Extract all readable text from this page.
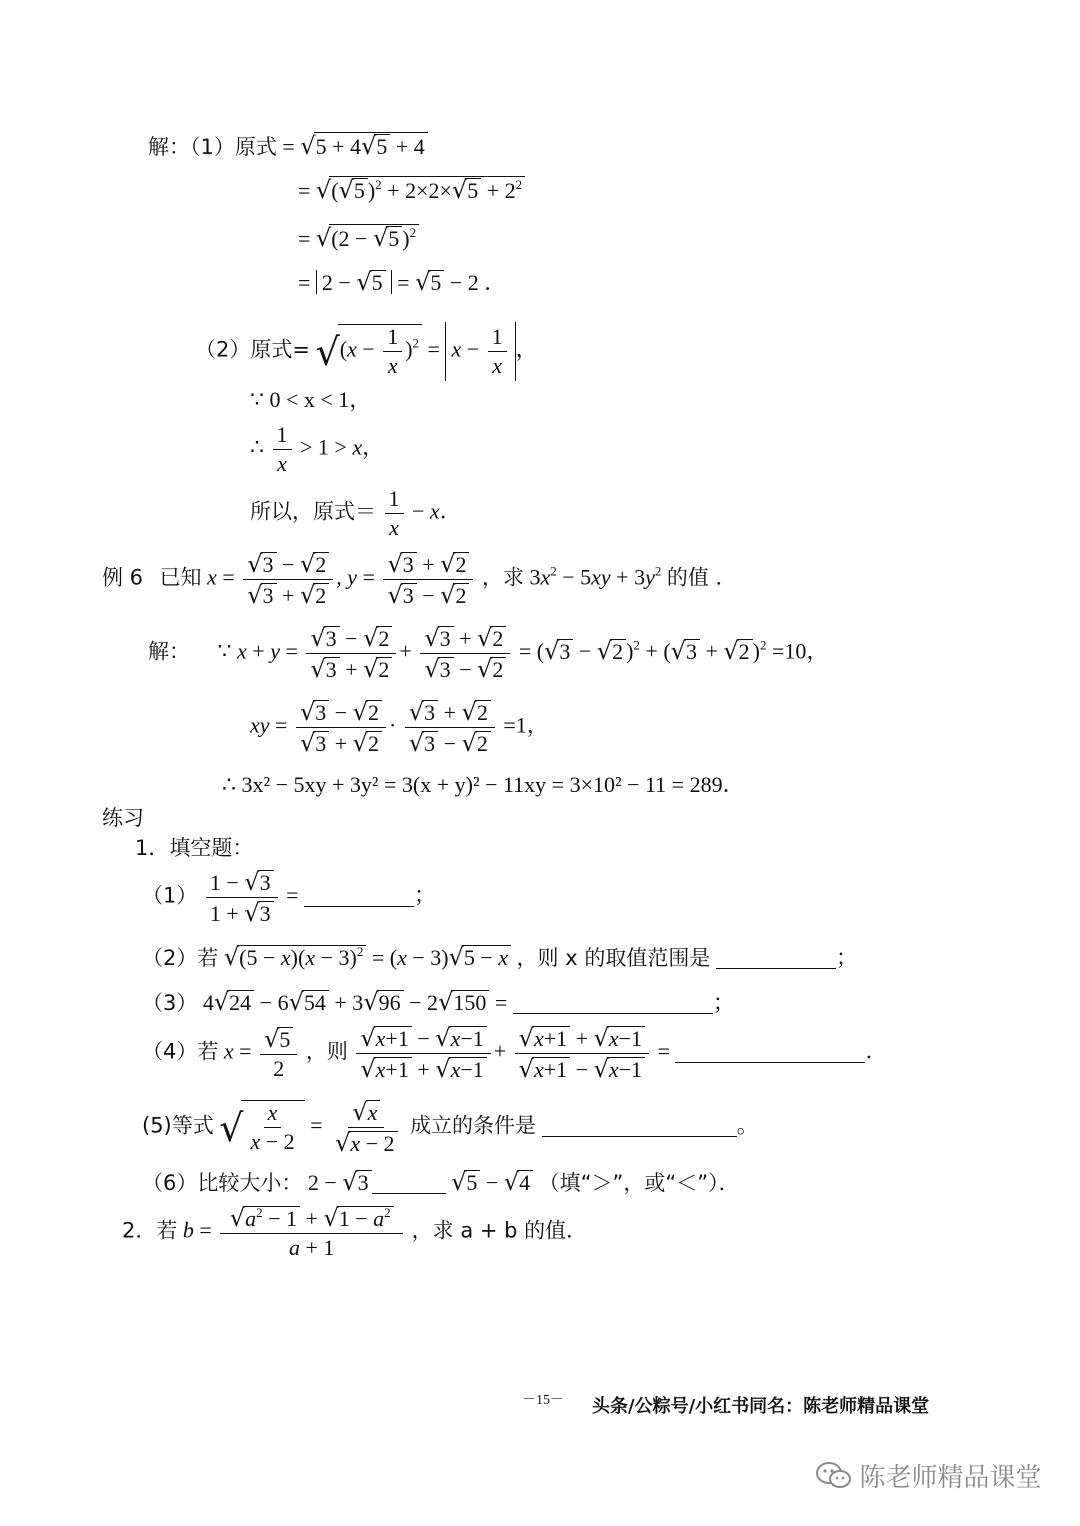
解：（1）原式 = √5 + 4√5 + 4
= √(√5 )$^2 + 2\times 2\times√5 + 2^2$
= √(2 − √5 )$^2$
= 2 − √5 = √5 − 2 ．
（2）原式= $√(x - \frac{1}{x} )^2 = x - \frac{1}{x}$ ，
∵ 0 < x < 1，
∴ $\frac{1}{x} > 1 > x$，
所以，原式＝ $\frac{1}{x} - x$．
例 6 已知 $x = \frac{√3 - √2}{√3 + √2}$ , $y = \frac{√3 + √2}{√3 - √2}$ ，求 $3x^2 - 5xy + 3y^2$ 的值 ．
解： ∵ $x + y = \frac{√3 - √2}{√3 + √2} + \frac{√3 + √2}{√3 - √2} = (√3 - √2$ )$^2$ + (√3 + √2 )$^2$ =10，
xy = $\frac{√3 - √2}{√3 + √2} \cdot \frac{√3 + √2}{√3 - √2} =1$，
∴ 3x² − 5xy + 3y² = 3(x + y)² − 11xy = 3×10² − 11 = 289．
练习
1．填空题：
$(1) \frac{1 - √3}{1 + √3}$ =	；
（2）若 $√(5 - x)(x - 3)^2 = (x - 3)√5 - x$ ，则 x 的取值范围是	；
（3） 4√24 − 6√54 + 3√96 − 2√150 =	；
（4）若 $x = \frac{√5}{2}$ ，则 $\frac{√x+1 - √x-1}{√x+1 + √x-1} + \frac{√x+1 + √x-1}{√x+1 - √x-1}$ =	．
(5)等式 √ $\frac{x}{x - 2} = \frac{√x}{√x - 2}$ 成立的条件是	。
（6）比较大小： 2 − √3	√5 − √4 （填“＞”，或“＜”）．
2．若 $b = \frac{√a^2 - 1 + √1 - a^2}{a + 1}$ ，求 a + b 的值．
－15－ 头条/公粽号/小红书同名：陈老师精品课堂
陈老师精品课堂
